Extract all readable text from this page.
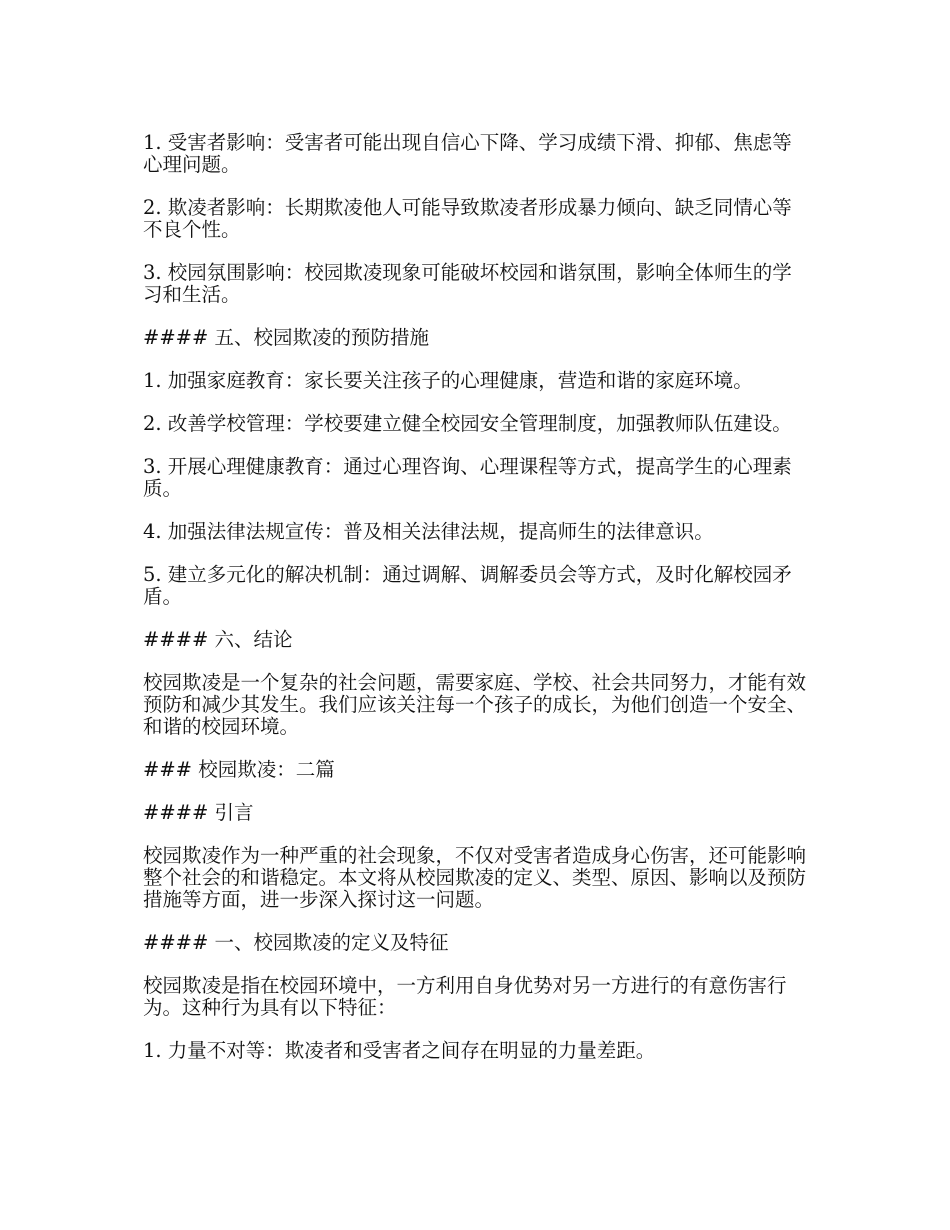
1. 受害者影响：受害者可能出现自信心下降、学习成绩下滑、抑郁、焦虑等心理问题。

2. 欺凌者影响：长期欺凌他人可能导致欺凌者形成暴力倾向、缺乏同情心等不良个性。

3. 校园氛围影响：校园欺凌现象可能破坏校园和谐氛围，影响全体师生的学习和生活。

#### 五、校园欺凌的预防措施

1. 加强家庭教育：家长要关注孩子的心理健康，营造和谐的家庭环境。

2. 改善学校管理：学校要建立健全校园安全管理制度，加强教师队伍建设。

3. 开展心理健康教育：通过心理咨询、心理课程等方式，提高学生的心理素质。

4. 加强法律法规宣传：普及相关法律法规，提高师生的法律意识。

5. 建立多元化的解决机制：通过调解、调解委员会等方式，及时化解校园矛盾。

#### 六、结论

校园欺凌是一个复杂的社会问题，需要家庭、学校、社会共同努力，才能有效预防和减少其发生。我们应该关注每一个孩子的成长，为他们创造一个安全、和谐的校园环境。

### 校园欺凌：二篇

#### 引言

校园欺凌作为一种严重的社会现象，不仅对受害者造成身心伤害，还可能影响整个社会的和谐稳定。本文将从校园欺凌的定义、类型、原因、影响以及预防措施等方面，进一步深入探讨这一问题。

#### 一、校园欺凌的定义及特征

校园欺凌是指在校园环境中，一方利用自身优势对另一方进行的有意伤害行为。这种行为具有以下特征：

1. 力量不对等：欺凌者和受害者之间存在明显的力量差距。
